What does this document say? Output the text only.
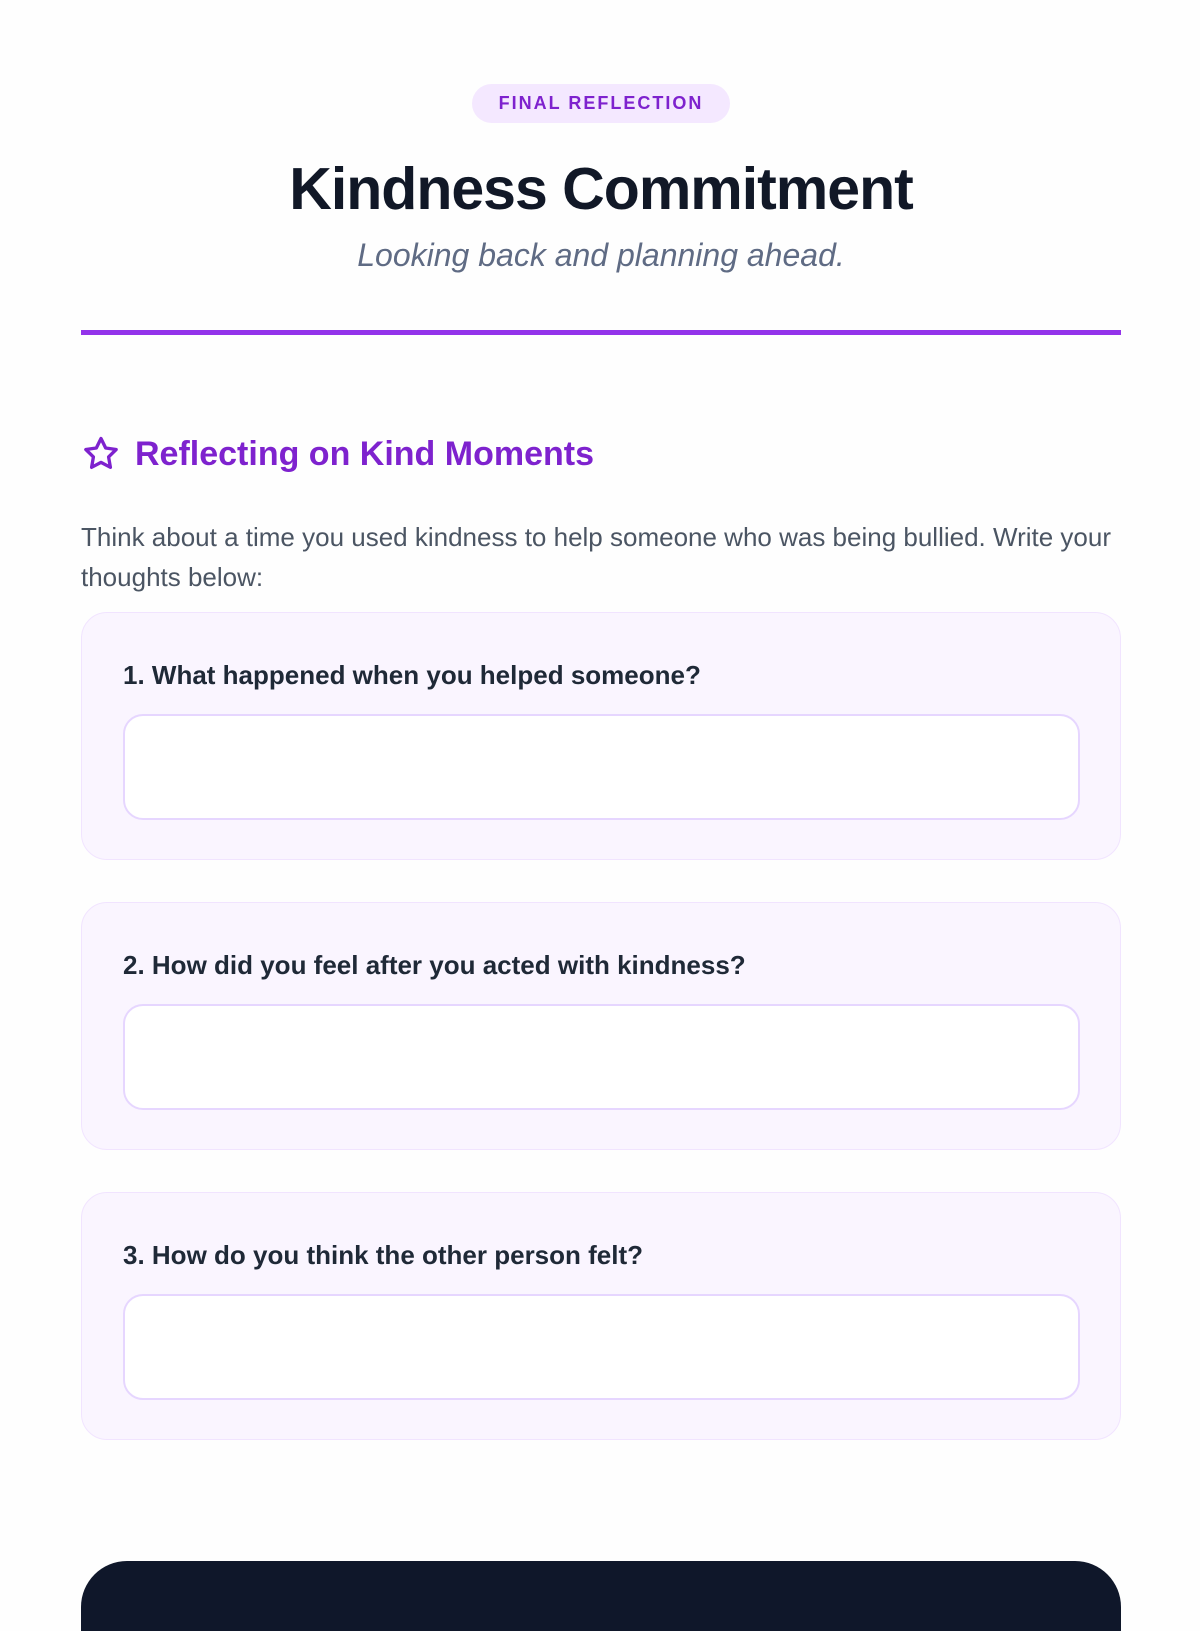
FINAL REFLECTION
Kindness Commitment

Looking back and planning ahead.

Reflecting on Kind Moments

Think about a time you used kindness to help someone who was being bullied. Write your thoughts below:

1. What happened when you helped someone?
2. How did you feel after you acted with kindness?
3. How do you think the other person felt?
